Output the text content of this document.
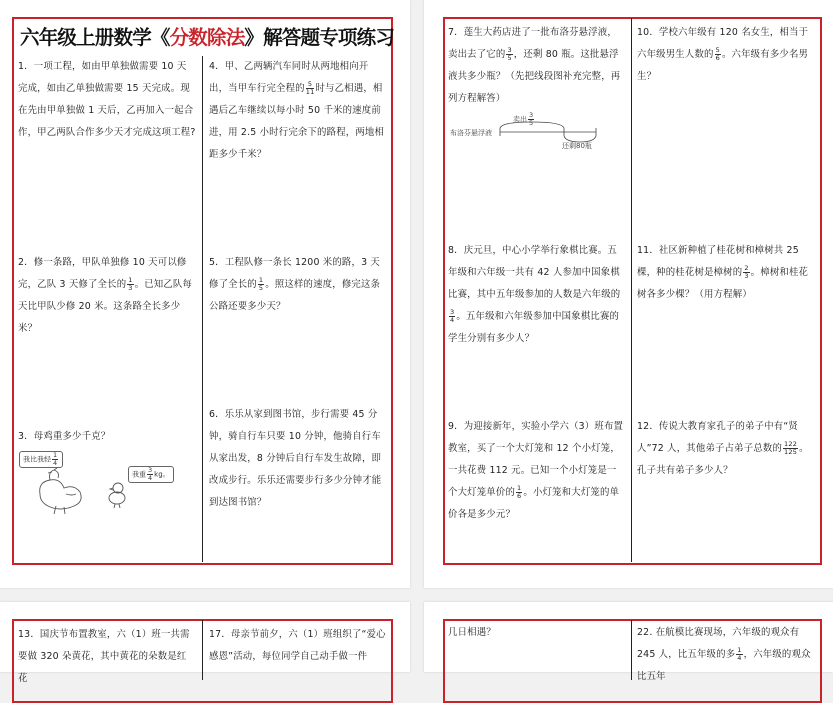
六年级上册数学《分数除法》解答题专项练习
1．一项工程，如由甲单独做需要 10 天完成，如由乙单独做需要 15 天完成。现在先由甲单独做 1 天后，乙再加入一起合作，甲乙两队合作多少天才完成这项工程?
4．甲、乙两辆汽车同时从两地相向开出，当甲车行完全程的 $\frac{5}{11}$ 时与乙相遇，相遇后乙车继续以每小时 50 千米的速度前进，用 2.5 小时行完余下的路程，两地相距多少千米？
2．修一条路，甲队单独修 10 天可以修完，乙队 3 天修了全长的 $\frac{1}{3}$ 。已知乙队每天比甲队少修 20 米。这条路全长多少米？
5．工程队修一条长 1200 米的路，3 天修了全长的 $\frac{1}{5}$ 。照这样的速度，修完这条公路还要多少天？
6．乐乐从家到图书馆，步行需要 45 分钟，骑自行车只要 10 分钟，他骑自行车从家出发，8 分钟后自行车发生故障，即改成步行。乐乐还需要步行多少分钟才能到达图书馆？
3．母鸡重多少千克？
我比我轻 $\frac{1}{4}$
我重 $\frac{3}{4}$ kg。
7．莲生大药店进了一批布洛芬悬浮液，卖出去了它的 $\frac{3}{5}$ ，还剩 80 瓶。这批悬浮液共多少瓶？（先把线段图补充完整，再列方程解答）
布洛芬悬浮液
卖出 $\frac{3}{5}$
还剩80瓶
10．学校六年级有 120 名女生，相当于六年级男生人数的 $\frac{5}{6}$ 。六年级有多少名男生？
8．庆元旦，中心小学举行象棋比赛。五年级和六年级一共有 42 人参加中国象棋比赛，其中五年级参加的人数是六年级的
$\frac{3}{4}$ 。五年级和六年级参加中国象棋比赛的学生分别有多少人？
11．社区新种植了桂花树和樟树共 25 棵，种的桂花树是樟树的 $\frac{2}{3}$ 。樟树和桂花树各多少棵？（用方程解）
9．为迎接新年，实验小学六（3）班布置教室，买了一个大灯笼和 12 个小灯笼，一共花费 112 元。已知一个小灯笼是一个大灯笼单价的 $\frac{1}{6}$ 。小灯笼和大灯笼的单价各是多少元？
12．传说大教育家孔子的弟子中有“贤人”72 人，其他弟子占弟子总数的 $\frac{122}{125}$ 。孔子共有弟子多少人？
13．国庆节布置教室，六（1）班一共需要做 320 朵黄花，其中黄花的朵数是红花
17．母亲节前夕，六（1）班组织了“爱心感恩”活动，每位同学自己动手做一件
几日相遇？	22. 在航模比赛现场，六年级的观众有 245 人，比五年级的多 $\frac{1}{4}$ ，六年级的观众比五年
